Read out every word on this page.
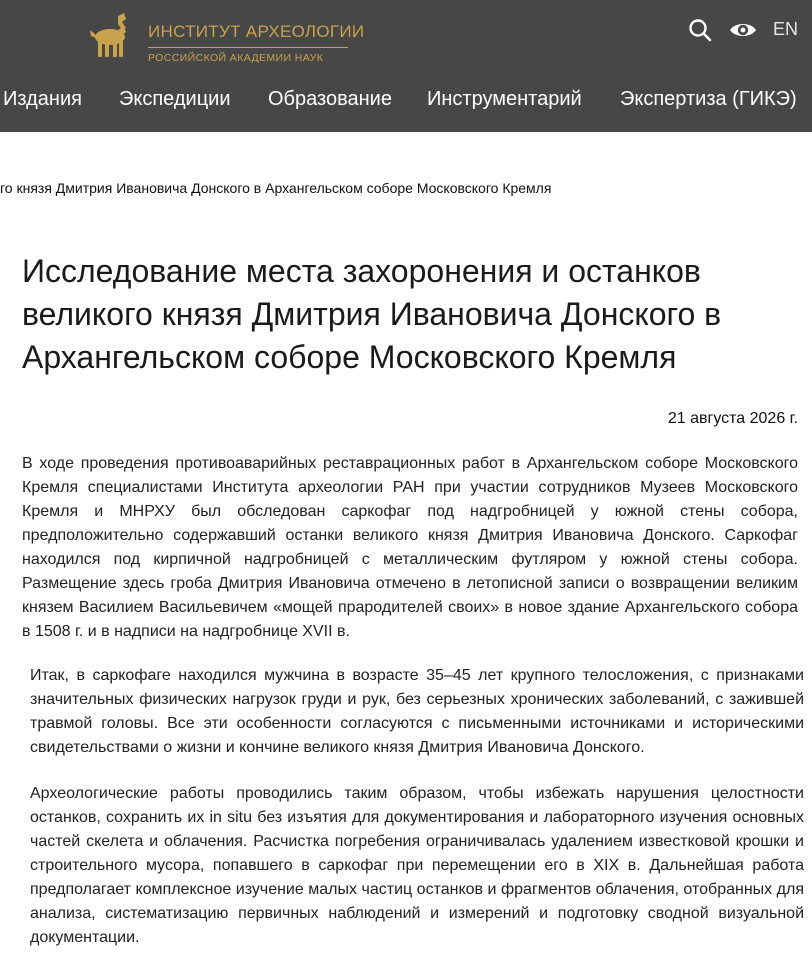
ИНСТИТУТ АРХЕОЛОГИИ
РОССИЙСКОЙ АКАДЕМИИ НАУК
EN
Издания Экспедиции Образование Инструментарий Экспертиза (ГИКЭ)
го князя Дмитрия Ивановича Донского в Архангельском соборе Московского Кремля
Исследование места захоронения и останков великого князя Дмитрия Ивановича Донского в Архангельском соборе Московского Кремля
21 августа 2026 г.

В ходе проведения противоаварийных реставрационных работ в Архангельском соборе Московского Кремля специалистами Института археологии РАН при участии сотрудников Музеев Московского Кремля и МНРХУ был обследован саркофаг под надгробницей у южной стены собора, предположительно содержавший останки великого князя Дмитрия Ивановича Донского. Саркофаг находился под кирпичной надгробницей с металлическим футляром у южной стены собора. Размещение здесь гроба Дмитрия Ивановича отмечено в летописной записи о возвращении великим князем Василием Васильевичем «мощей прародителей своих» в новое здание Архангельского собора в 1508 г. и в надписи на надгробнице XVII в.

Итак, в саркофаге находился мужчина в возрасте 35–45 лет крупного телосложения, с признаками значительных физических нагрузок груди и рук, без серьезных хронических заболеваний, с зажившей травмой головы. Все эти особенности согласуются с письменными источниками и историческими свидетельствами о жизни и кончине великого князя Дмитрия Ивановича Донского.

Археологические работы проводились таким образом, чтобы избежать нарушения целостности останков, сохранить их in situ без изъятия для документирования и лабораторного изучения основных частей скелета и облачения. Расчистка погребения ограничивалась удалением известковой крошки и строительного мусора, попавшего в саркофаг при перемещении его в XIX в. Дальнейшая работа предполагает комплексное изучение малых частиц останков и фрагментов облачения, отобранных для анализа, систематизацию первичных наблюдений и измерений и подготовку сводной визуальной документации.
